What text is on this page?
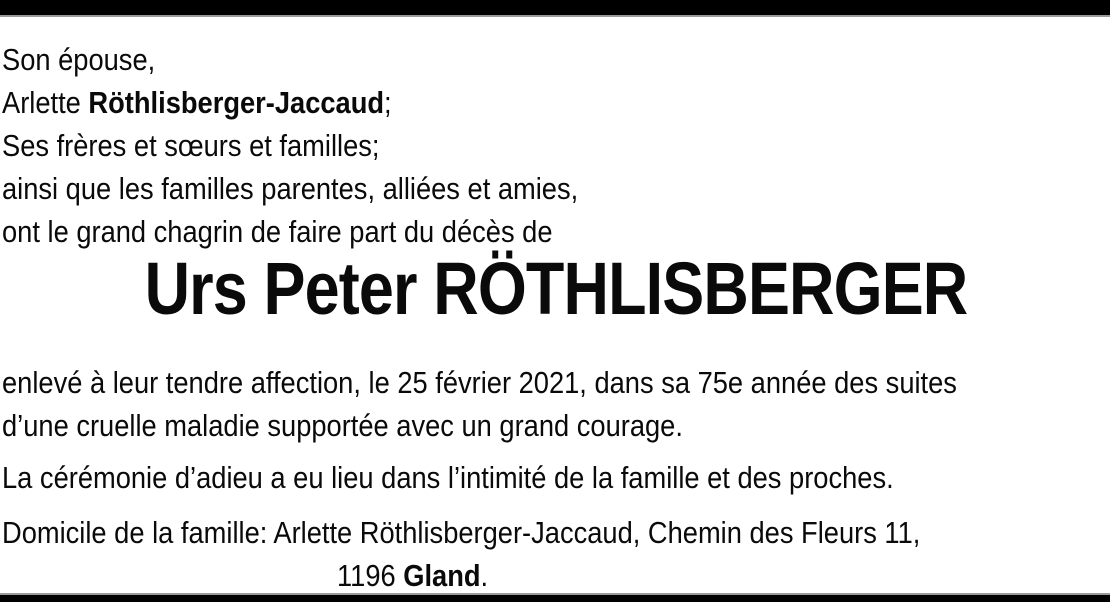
Son épouse,
Arlette Röthlisberger-Jaccaud;
Ses frères et sœurs et familles;
ainsi que les familles parentes, alliées et amies,
ont le grand chagrin de faire part du décès de
Urs Peter RÖTHLISBERGER
enlevé à leur tendre affection, le 25 février 2021, dans sa 75e année des suites
d’une cruelle maladie supportée avec un grand courage.
La cérémonie d’adieu a eu lieu dans l’intimité de la famille et des proches.
Domicile de la famille: Arlette Röthlisberger-Jaccaud, Chemin des Fleurs 11,
1196 Gland.
